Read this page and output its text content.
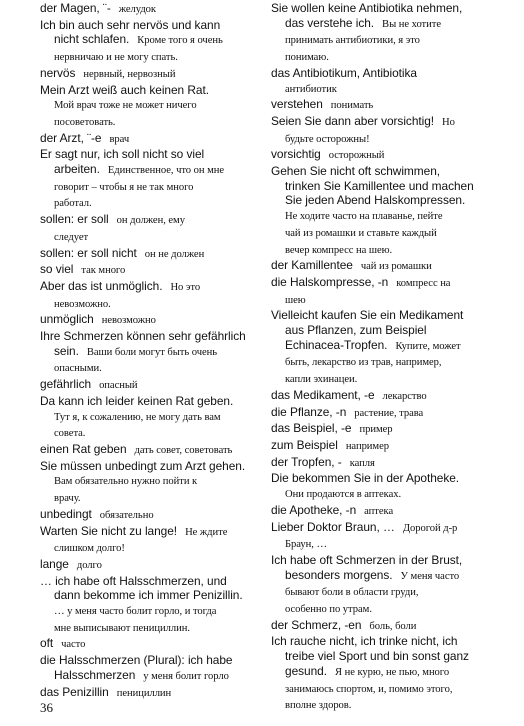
der Magen, ¨- желудок

Ich bin auch sehr nervös und kann

nicht schlafen. Кроме того я очень

нервничаю и не могу спать.

nervös нервный, нервозный

Mein Arzt weiß auch keinen Rat.

Мой врач тоже не может ничего

посоветовать.

der Arzt, ¨-e врач

Er sagt nur, ich soll nicht so viel

arbeiten. Единственное, что он мне

говорит – чтобы я не так много

работал.

sollen: er soll он должен, ему

следует

sollen: er soll nicht он не должен

so viel так много

Aber das ist unmöglich. Но это

невозможно.

unmöglich невозможно

Ihre Schmerzen können sehr gefährlich

sein. Ваши боли могут быть очень

опасными.

gefährlich опасный

Da kann ich leider keinen Rat geben.

Тут я, к сожалению, не могу дать вам

совета.

einen Rat geben дать совет, советовать

Sie müssen unbedingt zum Arzt gehen.

Вам обязательно нужно пойти к

врачу.

unbedingt обязательно

Warten Sie nicht zu lange! Не ждите

слишком долго!

lange долго

… ich habe oft Halsschmerzen, und

dann bekomme ich immer Penizillin.

… у меня часто болит горло, и тогда

мне выписывают пенициллин.

oft часто

die Halsschmerzen (Plural): ich habe

Halsschmerzen у меня болит горло

das Penizillin пенициллин

Sie wollen keine Antibiotika nehmen,

das verstehe ich. Вы не хотите

принимать антибиотики, я это

понимаю.

das Antibiotikum, Antibiotika

антибиотик

verstehen понимать

Seien Sie dann aber vorsichtig! Но

будьте осторожны!

vorsichtig осторожный

Gehen Sie nicht oft schwimmen,

trinken Sie Kamillentee und machen

Sie jeden Abend Halskompressen.

Не ходите часто на плаванье, пейте

чай из ромашки и ставьте каждый

вечер компресс на шею.

der Kamillentee чай из ромашки

die Halskompresse, -n компресс на

шею

Vielleicht kaufen Sie ein Medikament

aus Pflanzen, zum Beispiel

Echinacea-Tropfen. Купите, может

быть, лекарство из трав, например,

капли эхинацеи.

das Medikament, -e лекарство

die Pflanze, -n растение, трава

das Beispiel, -e пример

zum Beispiel например

der Tropfen, - капля

Die bekommen Sie in der Apotheke.

Они продаются в аптеках.

die Apotheke, -n аптека

Lieber Doktor Braun, … Дорогой д-р

Браун, …

Ich habe oft Schmerzen in der Brust,

besonders morgens. У меня часто

бывают боли в области груди,

особенно по утрам.

der Schmerz, -en боль, боли

Ich rauche nicht, ich trinke nicht, ich

treibe viel Sport und bin sonst ganz

gesund. Я не курю, не пью, много

занимаюсь спортом, и, помимо этого,

вполне здоров.

36
